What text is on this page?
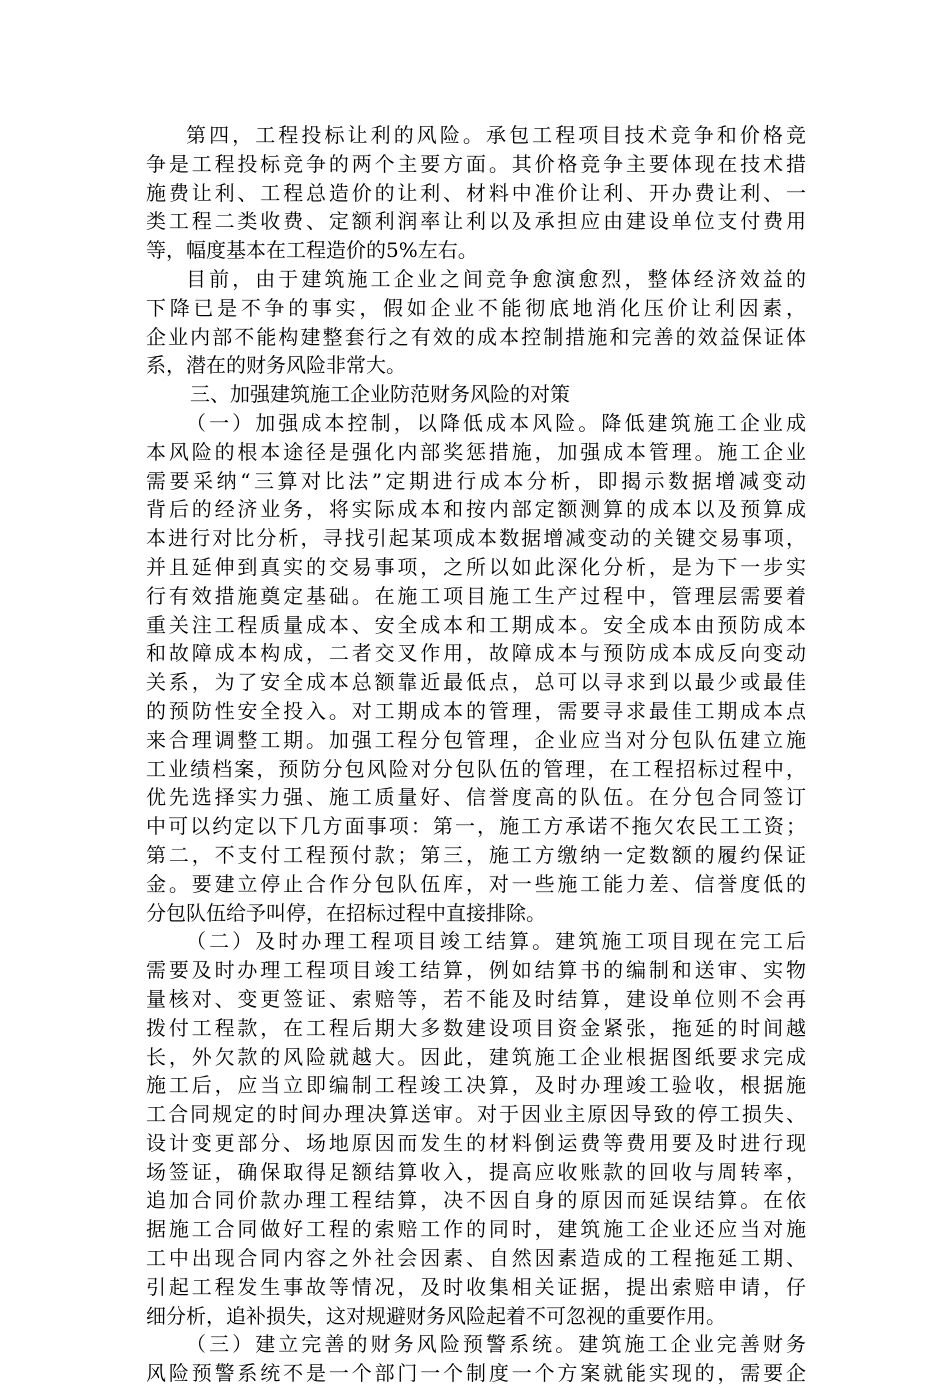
第四，工程投标让利的风险。承包工程项目技术竞争和价格竞
争是工程投标竞争的两个主要方面。其价格竞争主要体现在技术措
施费让利、工程总造价的让利、材料中准价让利、开办费让利、一
类工程二类收费、定额利润率让利以及承担应由建设单位支付费用
等，幅度基本在工程造价的5%左右。
目前，由于建筑施工企业之间竞争愈演愈烈，整体经济效益的
下降已是不争的事实，假如企业不能彻底地消化压价让利因素，
企业内部不能构建整套行之有效的成本控制措施和完善的效益保证体
系，潜在的财务风险非常大。
三、加强建筑施工企业防范财务风险的对策
（一）加强成本控制，以降低成本风险。降低建筑施工企业成
本风险的根本途径是强化内部奖惩措施，加强成本管理。施工企业
需要采纳“三算对比法”定期进行成本分析，即揭示数据增减变动
背后的经济业务，将实际成本和按内部定额测算的成本以及预算成
本进行对比分析，寻找引起某项成本数据增减变动的关键交易事项，
并且延伸到真实的交易事项，之所以如此深化分析，是为下一步实
行有效措施奠定基础。在施工项目施工生产过程中，管理层需要着
重关注工程质量成本、安全成本和工期成本。安全成本由预防成本
和故障成本构成，二者交叉作用，故障成本与预防成本成反向变动
关系，为了安全成本总额靠近最低点，总可以寻求到以最少或最佳
的预防性安全投入。对工期成本的管理，需要寻求最佳工期成本点
来合理调整工期。加强工程分包管理，企业应当对分包队伍建立施
工业绩档案，预防分包风险对分包队伍的管理，在工程招标过程中，
优先选择实力强、施工质量好、信誉度高的队伍。在分包合同签订
中可以约定以下几方面事项：第一，施工方承诺不拖欠农民工工资；
第二，不支付工程预付款；第三，施工方缴纳一定数额的履约保证
金。要建立停止合作分包队伍库，对一些施工能力差、信誉度低的
分包队伍给予叫停，在招标过程中直接排除。
（二）及时办理工程项目竣工结算。建筑施工项目现在完工后
需要及时办理工程项目竣工结算，例如结算书的编制和送审、实物
量核对、变更签证、索赔等，若不能及时结算，建设单位则不会再
拨付工程款，在工程后期大多数建设项目资金紧张，拖延的时间越
长，外欠款的风险就越大。因此，建筑施工企业根据图纸要求完成
施工后，应当立即编制工程竣工决算，及时办理竣工验收，根据施
工合同规定的时间办理决算送审。对于因业主原因导致的停工损失、
设计变更部分、场地原因而发生的材料倒运费等费用要及时进行现
场签证，确保取得足额结算收入，提高应收账款的回收与周转率，
追加合同价款办理工程结算，决不因自身的原因而延误结算。在依
据施工合同做好工程的索赔工作的同时，建筑施工企业还应当对施
工中出现合同内容之外社会因素、自然因素造成的工程拖延工期、
引起工程发生事故等情况，及时收集相关证据，提出索赔申请，仔
细分析，追补损失，这对规避财务风险起着不可忽视的重要作用。
（三）建立完善的财务风险预警系统。建筑施工企业完善财务
风险预警系统不是一个部门一个制度一个方案就能实现的，需要企
